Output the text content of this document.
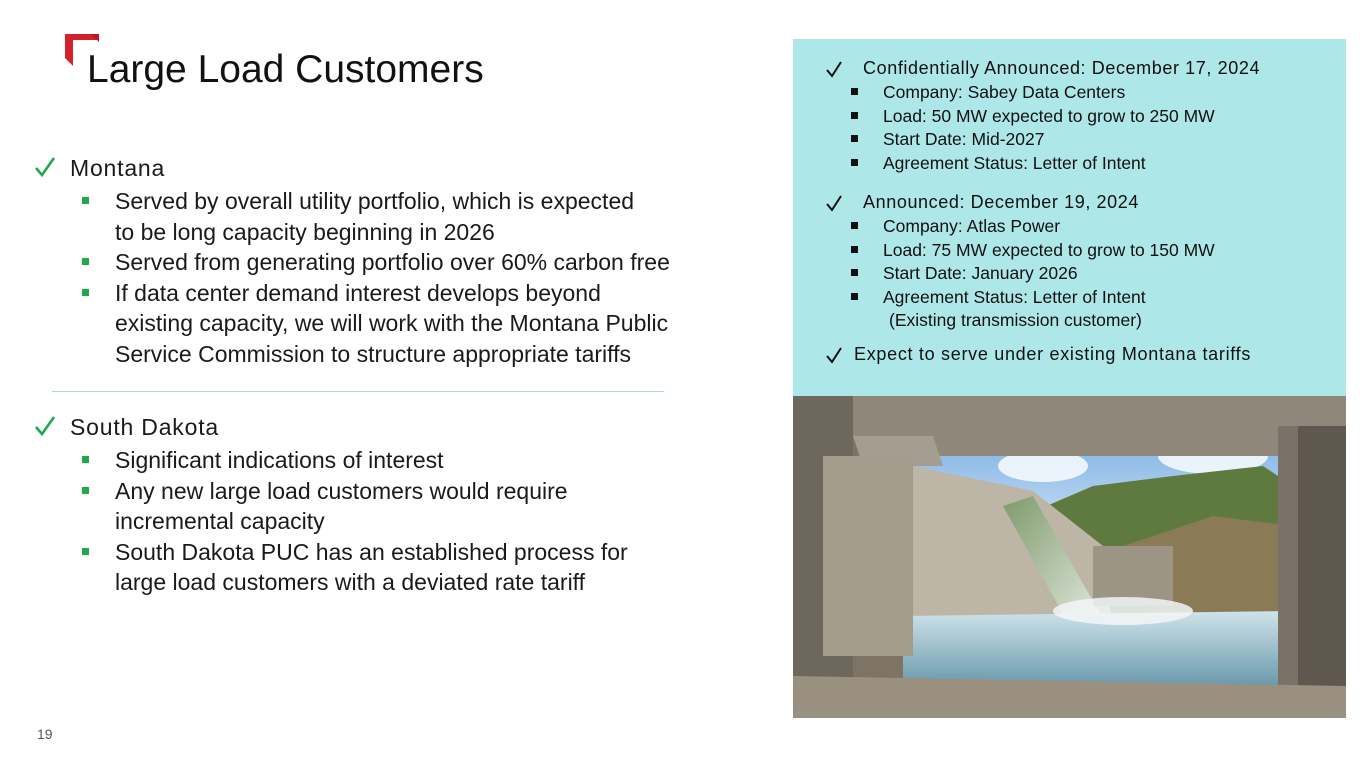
Large Load Customers
Montana
Served by overall utility portfolio, which is expected
to be long capacity beginning in 2026
Served from generating portfolio over 60% carbon free
If data center demand interest develops beyond
existing capacity, we will work with the Montana Public
Service Commission to structure appropriate tariffs
South Dakota
Significant indications of interest
Any new large load customers would require
incremental capacity
South Dakota PUC has an established process for
large load customers with a deviated rate tariff
Confidentially Announced: December 17, 2024
Company: Sabey Data Centers
Load: 50 MW expected to grow to 250 MW
Start Date: Mid-2027
Agreement Status: Letter of Intent
Announced: December 19, 2024
Company: Atlas Power
Load: 75 MW expected to grow to 150 MW
Start Date: January 2026
Agreement Status: Letter of Intent
(Existing transmission customer)
Expect to serve under existing Montana tariffs
19
